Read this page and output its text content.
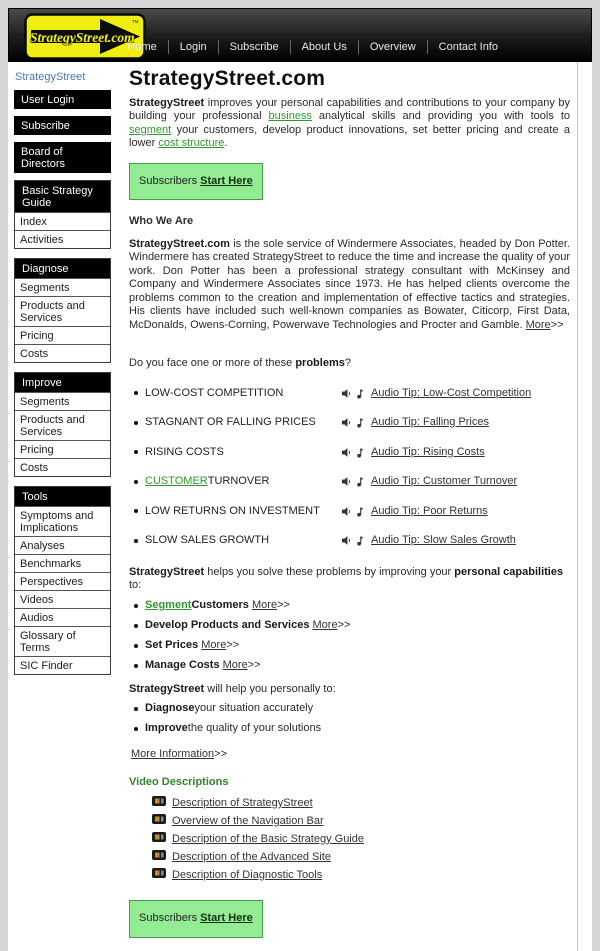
StrategyStreet.com
TM
Home	Login	Subscribe	About Us	Overview	Contact Info
StrategyStreet
User Login
Subscribe
Board of Directors
Basic Strategy Guide
Index
Activities
Diagnose
Segments
Products and Services
Pricing
Costs
Improve
Segments
Products and Services
Pricing
Costs
Tools
Symptoms and Implications
Analyses
Benchmarks
Perspectives
Videos
Audios
Glossary of Terms
SIC Finder
StrategyStreet.com

StrategyStreet improves your personal capabilities and contributions to your company by building your professional business analytical skills and providing you with tools to segment your customers, develop product innovations, set better pricing and create a lower cost structure.

Subscribers Start Here
Who We Are

StrategyStreet.com is the sole service of Windermere Associates, headed by Don Potter. Windermere has created StrategyStreet to reduce the time and increase the quality of your work. Don Potter has been a professional strategy consultant with McKinsey and Company and Windermere Associates since 1973. He has helped clients overcome the problems common to the creation and implementation of effective tactics and strategies. His clients have included such well-known companies as Bowater, Citicorp, First Data, McDonalds, Owens-Corning, Powerwave Technologies and Procter and Gamble. More>>

Do you face one or more of these problems?

LOW-COST COMPETITION	Audio Tip: Low-Cost Competition
STAGNANT OR FALLING PRICES	Audio Tip: Falling Prices
RISING COSTS	Audio Tip: Rising Costs
CUSTOMER TURNOVER	Audio Tip: Customer Turnover
LOW RETURNS ON INVESTMENT	Audio Tip: Poor Returns
SLOW SALES GROWTH	Audio Tip: Slow Sales Growth

StrategyStreet helps you solve these problems by improving your personal capabilities to:

Segment Customers
More >>
Develop Products and Services
More >>
Set Prices
More >>
Manage Costs
More >>

StrategyStreet will help you personally to:

Diagnose your situation accurately
Improve the quality of your solutions

More Information>>

Video Descriptions
Description of StrategyStreet
Overview of the Navigation Bar
Description of the Basic Strategy Guide
Description of the Advanced Site
Description of Diagnostic Tools
Subscribers Start Here
